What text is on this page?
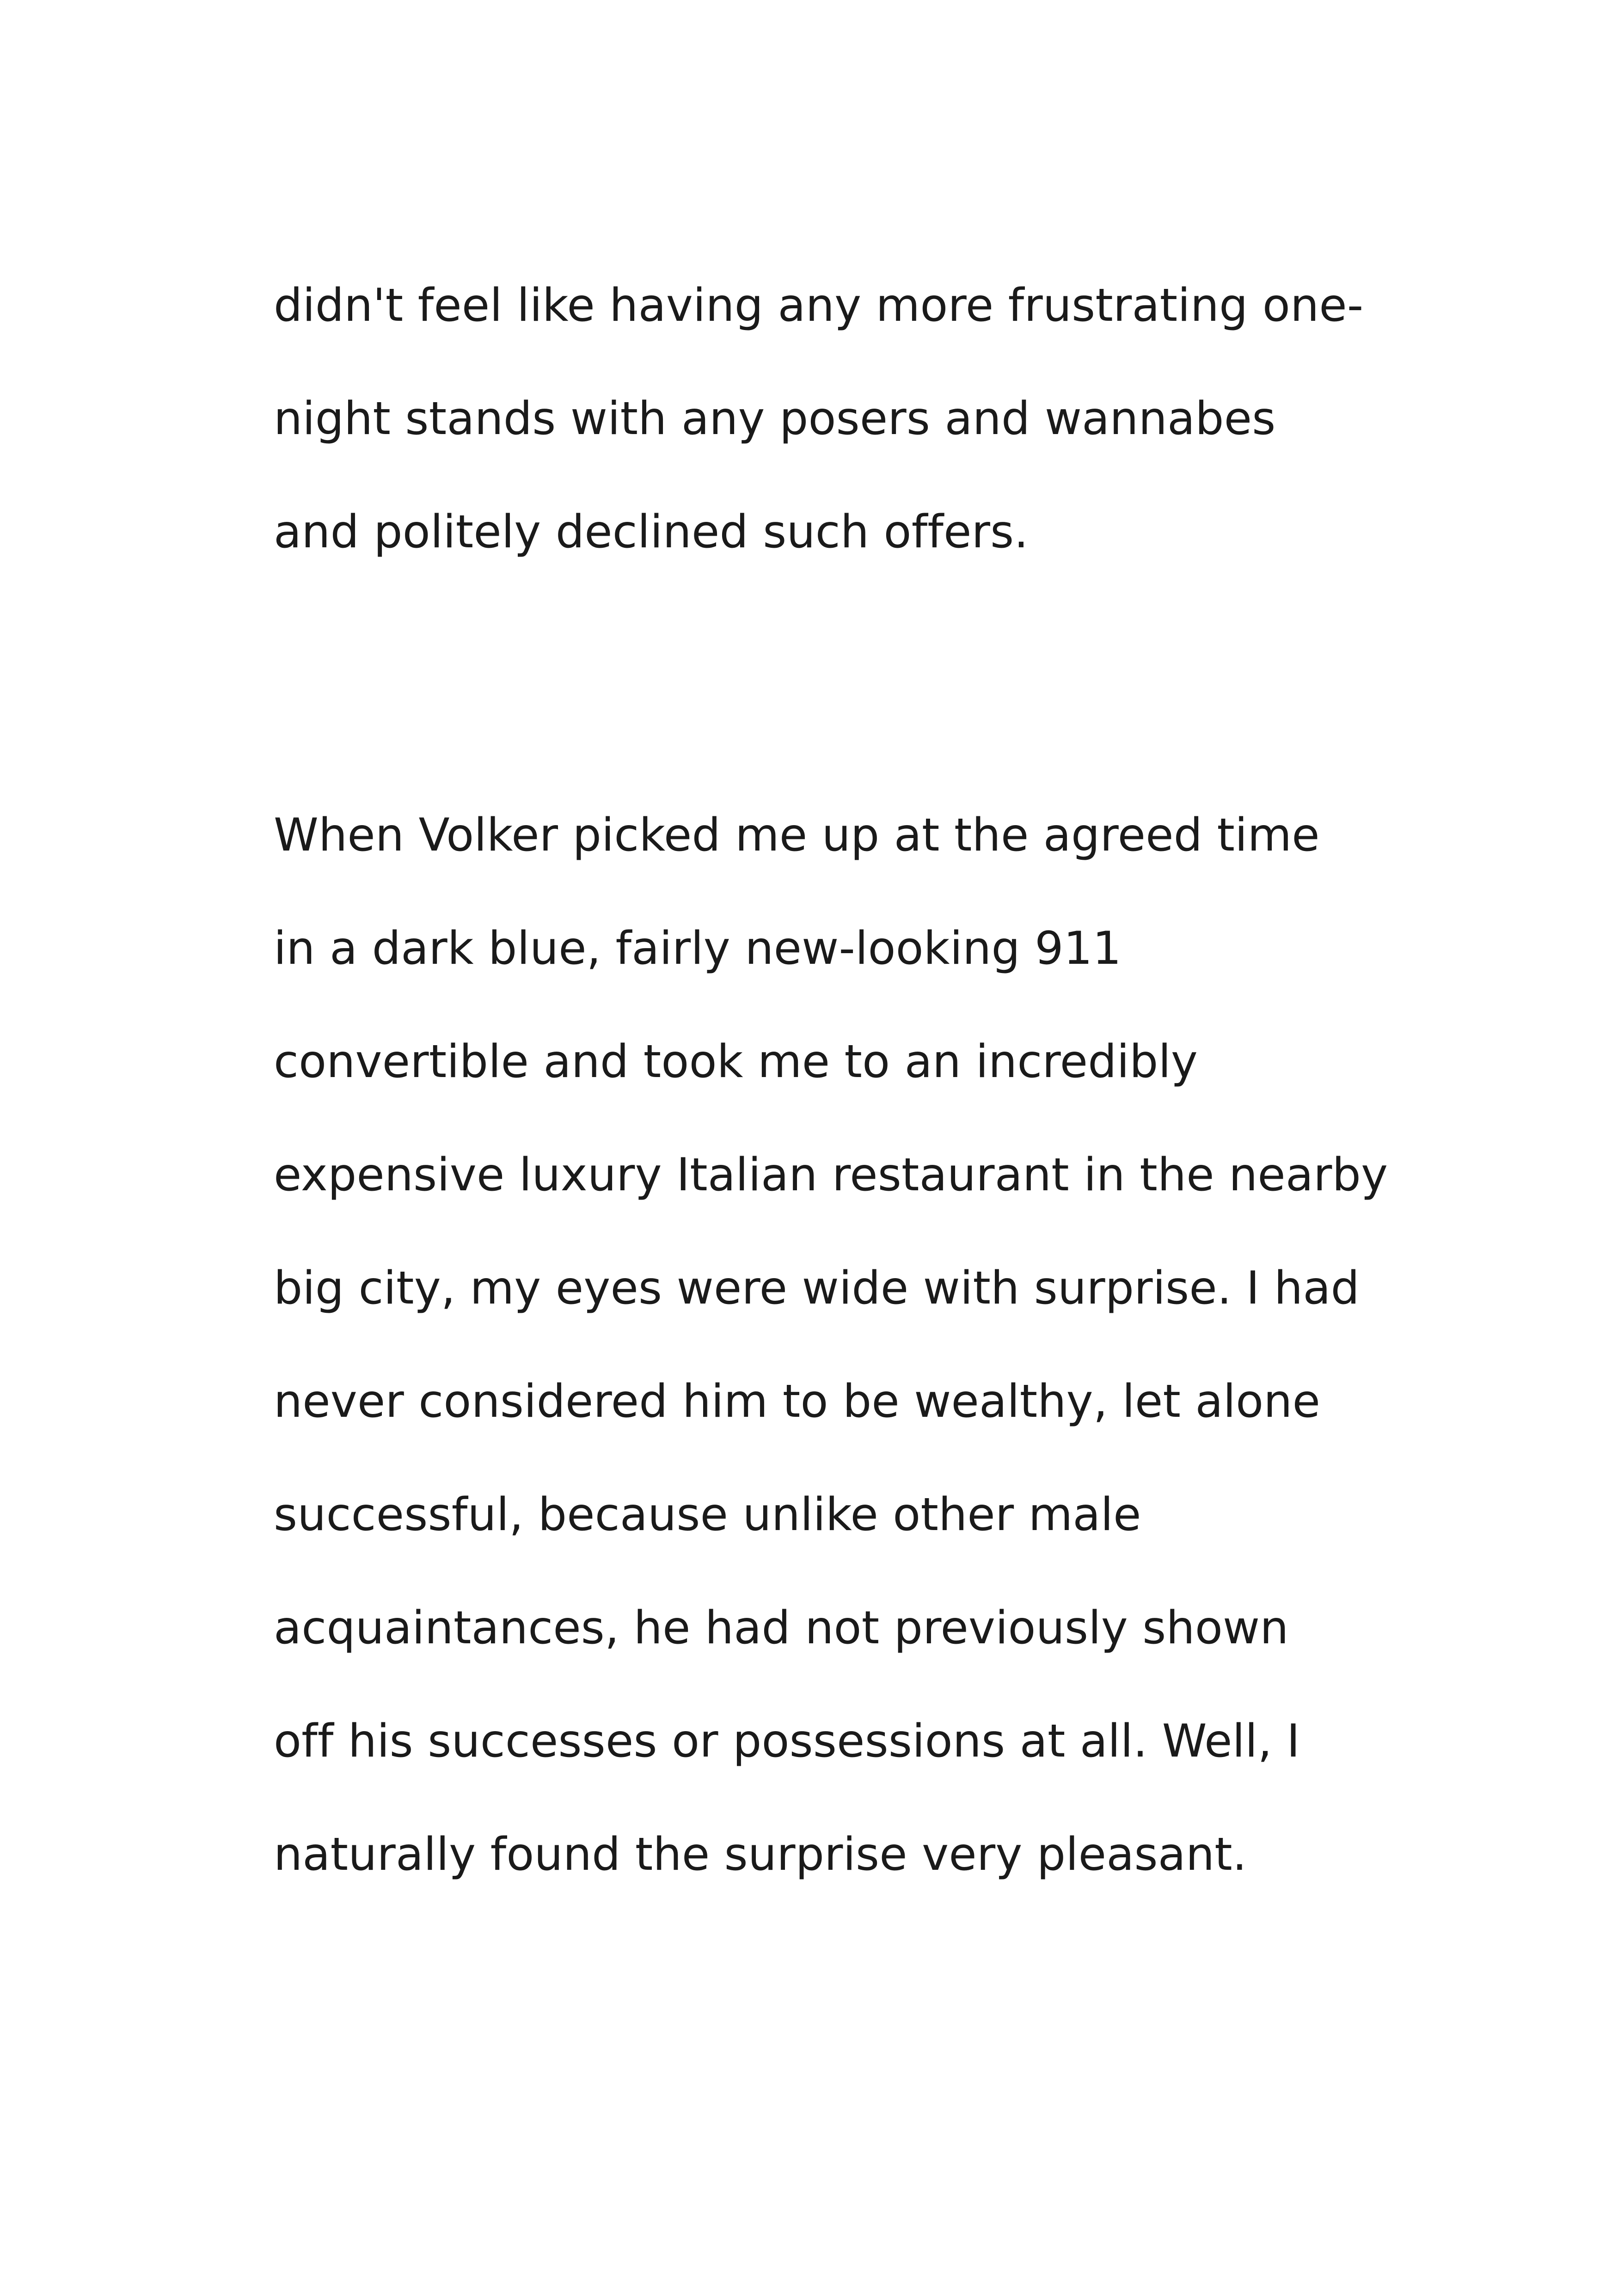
didn't feel like having any more frustrating one-
night stands with any posers and wannabes
and politely declined such offers.
When Volker picked me up at the agreed time
in a dark blue, fairly new-looking 911
convertible and took me to an incredibly
expensive luxury Italian restaurant in the nearby
big city, my eyes were wide with surprise. I had
never considered him to be wealthy, let alone
successful, because unlike other male
acquaintances, he had not previously shown
off his successes or possessions at all. Well, I
naturally found the surprise very pleasant.
